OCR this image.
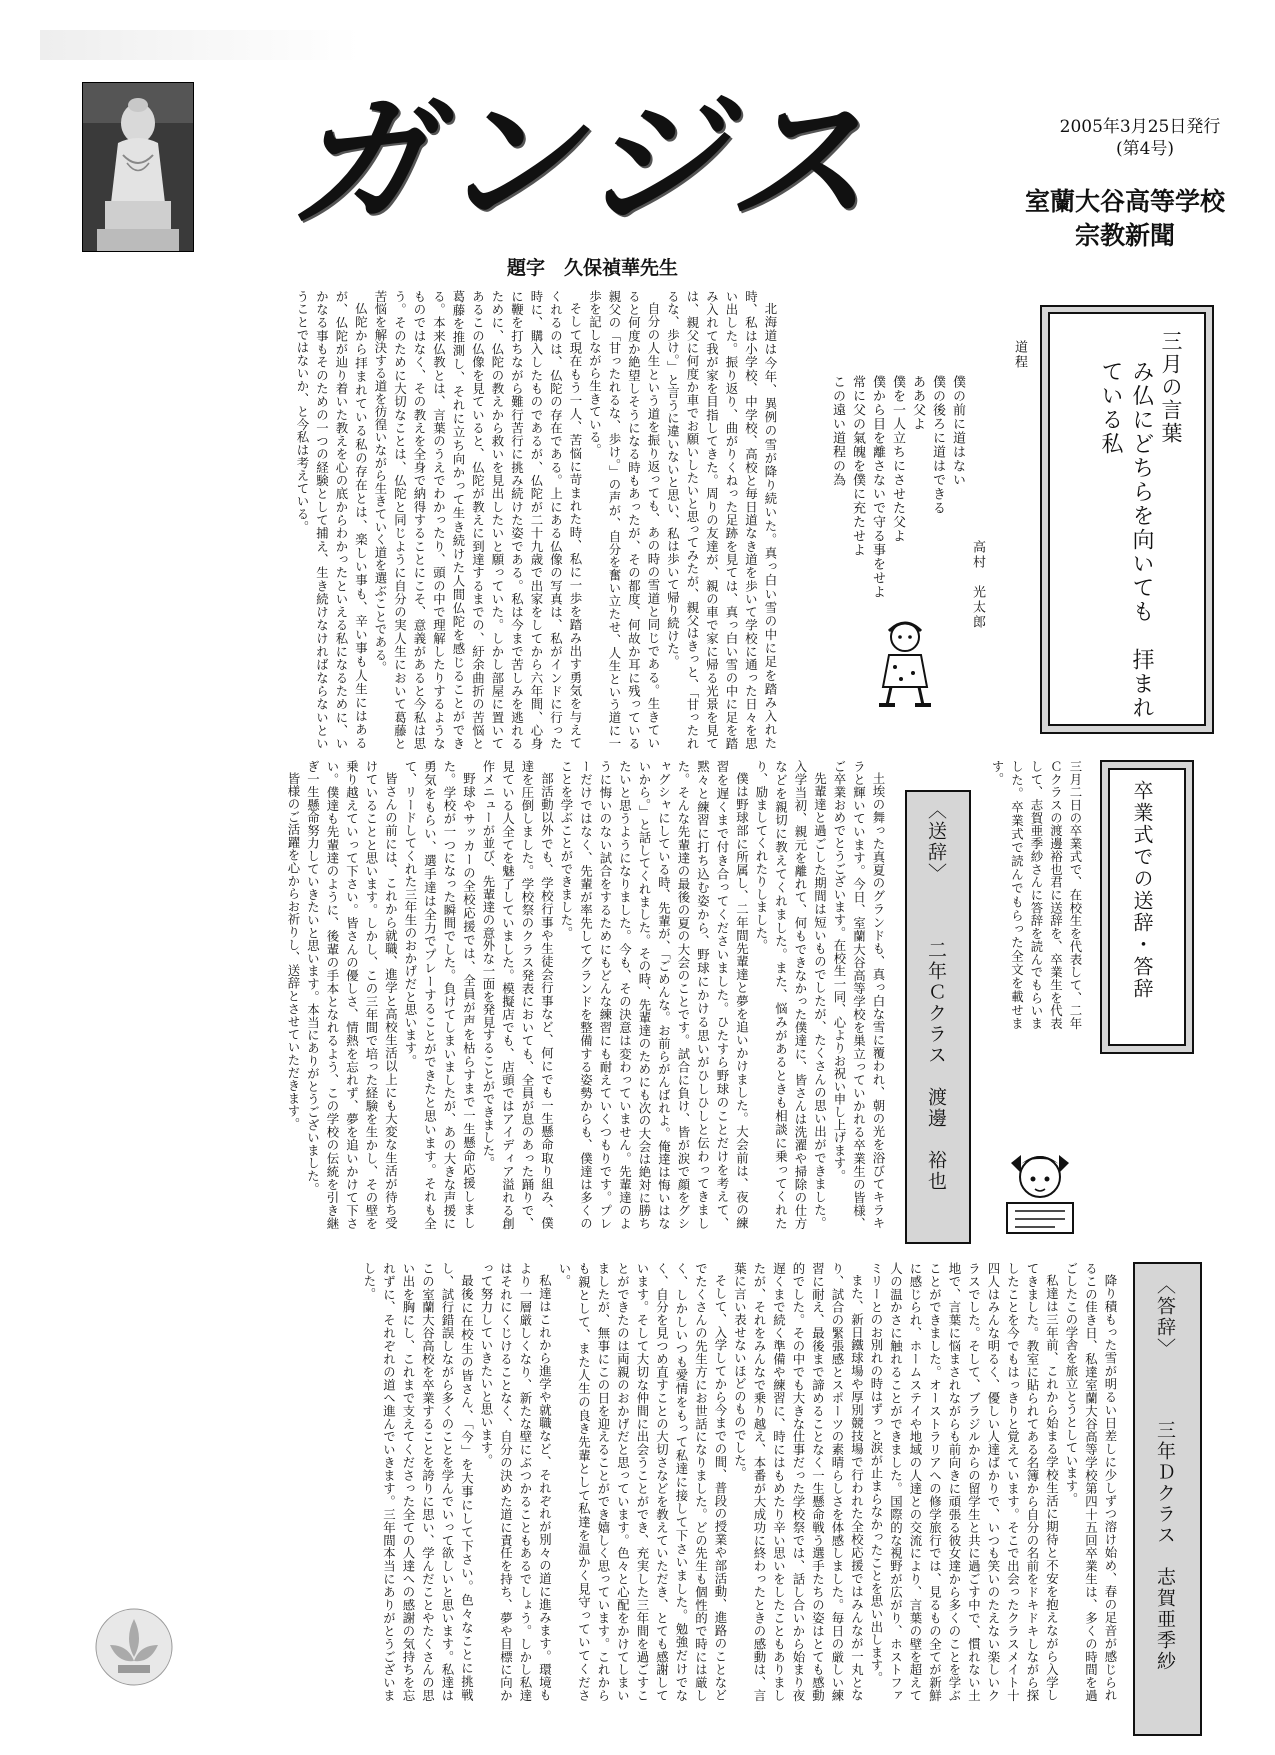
ガンジス
題字　久保禎華先生
2005年3月25日発行
(第4号)
室蘭大谷高等学校
宗教新聞
三月の言葉
み仏にどちらを向いても　拝まれている私
道程
僕の前に道はない
僕の後ろに道はできる
ああ父よ
僕を一人立ちにさせた父よ
僕から目を離さないで守る事をせよ
常に父の氣魄を僕に充たせよ
この遠い道程の為
高村　光太郎

北海道は今年、異例の雪が降り続いた。真っ白い雪の中に足を踏み入れた時、私は小学校、中学校、高校と毎日道なき道を歩いて学校に通った日々を思い出した。振り返り、曲がりくねった足跡を見ては、真っ白い雪の中に足を踏み入れて我が家を目指してきた。周りの友達が、親の車で家に帰る光景を見ては、親父に何度か車でお願いしたいと思ってみたが、親父はきっと、「甘ったれるな、歩け。」と言うに違いないと思い、私は歩いて帰り続けた。

自分の人生という道を振り返っても、あの時の雪道と同じである。生きていると何度か絶望しそうになる時もあったが、その都度、何故か耳に残っている親父の「甘ったれるな、歩け。」の声が、自分を奮い立たせ、人生という道に一歩を記しながら生きている。

そして現在もう一人、苦悩に苛まれた時、私に一歩を踏み出す勇気を与えてくれるのは、仏陀の存在である。上にある仏像の写真は、私がインドに行った時に、購入したものであるが、仏陀が二十九歳で出家をしてから六年間、心身に鞭を打ちながら難行苦行に挑み続けた姿である。私は今まで苦しみを逃れるために、仏陀の教えから救いを見出したいと願っていた。しかし部屋に置いてあるこの仏像を見ていると、仏陀が教えに到達するまでの、紆余曲折の苦悩と葛藤を推測し、それに立ち向かって生き続けた人間仏陀を感じることができる。本来仏教とは、言葉のうえでわかったり、頭の中で理解したりするようなものではなく、その教えを全身で納得することにこそ、意義があると今私は思う。そのために大切なことは、仏陀と同じように自分の実人生において葛藤と苦悩を解決する道を彷徨いながら生きていく道を選ぶことである。

仏陀から拝まれている私の存在とは、楽しい事も、辛い事も人生にはあるが、仏陀が辿り着いた教えを心の底からわかったといえる私になるために、いかなる事もそのための一つの経験として捕え、生き続けなければならないということではないか、と今私は考えている。

卒業式での送辞・答辞
三月二日の卒業式で、在校生を代表して、二年Ｃクラスの渡邊裕也君に送辞を、卒業生を代表して、志賀亜季紗さんに答辞を読んでもらいました。卒業式で読んでもらった全文を載せます。
〈送辞〉
二年Ｃクラス　渡邊　裕也

土埃の舞った真夏のグランドも、真っ白な雪に覆われ、朝の光を浴びてキラキラと輝いています。今日、室蘭大谷高等学校を巣立っていかれる卒業生の皆様、ご卒業おめでとうございます。在校生一同、心よりお祝い申し上げます。

先輩達と過ごした期間は短いものでしたが、たくさんの思い出ができました。入学当初、親元を離れて、何もできなかった僕達に、皆さんは洗濯や掃除の仕方などを親切に教えてくれました。また、悩みがあるときも相談に乗ってくれたり、励ましてくれたりしました。

僕は野球部に所属し、二年間先輩達と夢を追いかけました。大会前は、夜の練習を遅くまで付き合ってくださいました。ひたすら野球のことだけを考えて、黙々と練習に打ち込む姿から、野球にかける思いがひしひしと伝わってきました。そんな先輩達の最後の夏の大会のことです。試合に負け、皆が涙で顔をグシャグシャにしている時、先輩が、「ごめんな。お前らがんばれよ。俺達は悔いはないから。」と話してくれました。その時、先輩達のためにも次の大会は絶対に勝ちたいと思うようになりました。今も、その決意は変わっていません。先輩達のように悔いのない試合をするためにもどんな練習にも耐えていくつもりです。プレーだけではなく、先輩が率先してグランドを整備する姿勢からも、僕達は多くのことを学ぶことができました。

部活動以外でも、学校行事や生徒会行事など、何にでも一生懸命取り組み、僕達を圧倒しました。学校祭のクラス発表においても、全員が息のあった踊りで、見ている人全てを魅了していました。模擬店でも、店頭ではアイディア溢れる創作メニューが並び、先輩達の意外な一面を発見することができました。

野球やサッカーの全校応援では、全員が声を枯らすまで一生懸命応援しました。学校が一つになった瞬間でした。負けてしまいましたが、あの大きな声援に勇気をもらい、選手達は全力でプレーすることができたと思います。それも全て、リードしてくれた三年生のおかげだと思います。

皆さんの前には、これから就職、進学と高校生活以上にも大変な生活が待ち受けていることと思います。しかし、この三年間で培った経験を生かし、その壁を乗り越えていって下さい。皆さんの優しさ、情熱を忘れず、夢を追いかけて下さい。僕達も先輩達のように、後輩の手本となれるよう、この学校の伝統を引き継ぎ一生懸命努力していきたいと思います。本当にありがとうございました。

皆様のご活躍を心からお祈りし、送辞とさせていただきます。

〈答辞〉
三年Ｄクラス　志賀亜季紗

降り積もった雪が明るい日差しに少しずつ溶け始め、春の足音が感じられるこの佳き日、私達室蘭大谷高等学校第四十五回卒業生は、多くの時間を過ごしたこの学舎を旅立とうとしています。

私達は三年前、これから始まる学校生活に期待と不安を抱えながら入学してきました。教室に貼られてある名簿から自分の名前をドキドキしながら探したことを今でもはっきりと覚えています。そこで出会ったクラスメイト十四人はみんな明るく、優しい人達ばかりで、いつも笑いのたえない楽しいクラスでした。そして、ブラジルからの留学生と共に過ごす中で、慣れない土地で、言葉に悩まされながらも前向きに頑張る彼女達から多くのことを学ぶことができました。オーストラリアへの修学旅行では、見るもの全てが新鮮に感じられ、ホームステイや地域の人達との交流により、言葉の壁を超えて人の温かさに触れることができました。国際的な視野が広がり、ホストファミリーとのお別れの時はずっと涙が止まらなかったことを思い出します。

また、新日鐵球場や厚別競技場で行われた全校応援ではみんなが一丸となり、試合の緊張感とスポーツの素晴らしさを体感しました。毎日の厳しい練習に耐え、最後まで諦めることなく一生懸命戦う選手たちの姿はとても感動的でした。その中でも大きな仕事だった学校祭では、話し合いから始まり夜遅くまで続く準備や練習に、時にはもめたり辛い思いをしたこともありましたが、それをみんなで乗り越え、本番が大成功に終わったときの感動は、言葉に言い表せないほどのものでした。

そして、入学してから今までの間、普段の授業や部活動、進路のことなどでたくさんの先生方にお世話になりました。どの先生も個性的で時には厳しく、しかしいつも愛情をもって私達に接して下さいました。勉強だけでなく、自分を見つめ直すことの大切さなどを教えていただき、とても感謝しています。そして大切な仲間に出会うことができ、充実した三年間を過ごすことができたのは両親のおかげだと思っています。色々と心配をかけてしまいましたが、無事にこの日を迎えることができ嬉しく思っています。これからも親として、また人生の良き先輩として私達を温かく見守っていてください。

私達はこれから進学や就職など、それぞれが別々の道に進みます。環境もより一層厳しくなり、新たな壁にぶつかることもあるでしょう。しかし私達はそれにくじけることなく、自分の決めた道に責任を持ち、夢や目標に向かって努力していきたいと思います。

最後に在校生の皆さん、「今」を大事にして下さい。色々なことに挑戦し、試行錯誤しながら多くのことを学んでいって欲しいと思います。私達はこの室蘭大谷高校を卒業することを誇りに思い、学んだことやたくさんの思い出を胸にし、これまで支えてくださった全ての人達への感謝の気持ちを忘れずに、それぞれの道へ進んでいきます。三年間本当にありがとうございました。
